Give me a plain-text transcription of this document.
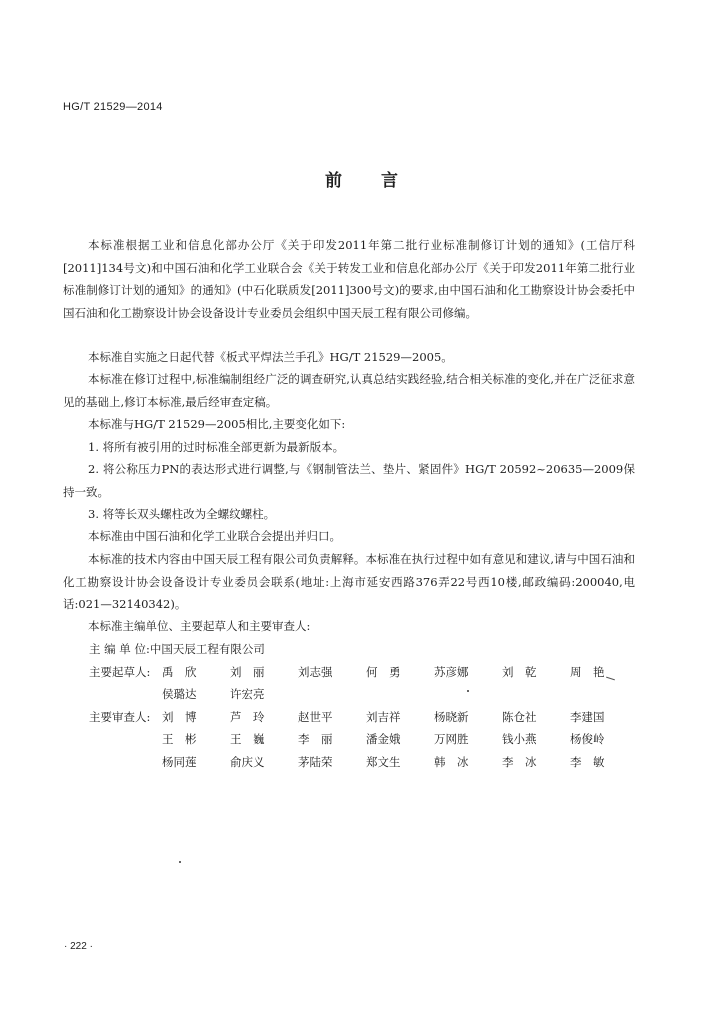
HG/T 21529—2014
前 言
本标准根据工业和信息化部办公厅《关于印发2011年第二批行业标准制修订计划的通知》(工信厅科[2011]134号文)和中国石油和化学工业联合会《关于转发工业和信息化部办公厅《关于印发2011年第二批行业标准制修订计划的通知》的通知》(中石化联质发[2011]300号文)的要求,由中国石油和化工勘察设计协会委托中国石油和化工勘察设计协会设备设计专业委员会组织中国天辰工程有限公司修编。
本标准自实施之日起代替《板式平焊法兰手孔》HG/T 21529—2005。
本标准在修订过程中,标准编制组经广泛的调查研究,认真总结实践经验,结合相关标准的变化,并在广泛征求意见的基础上,修订本标准,最后经审查定稿。
本标准与HG/T 21529—2005相比,主要变化如下:
1. 将所有被引用的过时标准全部更新为最新版本。
2. 将公称压力PN的表达形式进行调整,与《钢制管法兰、垫片、紧固件》HG/T 20592~20635—2009保持一致。
3. 将等长双头螺柱改为全螺纹螺柱。
本标准由中国石油和化学工业联合会提出并归口。
本标准的技术内容由中国天辰工程有限公司负责解释。本标准在执行过程中如有意见和建议,请与中国石油和化工勘察设计协会设备设计专业委员会联系(地址:上海市延安西路376弄22号西10楼,邮政编码:200040,电话:021—32140342)。
本标准主编单位、主要起草人和主要审查人:
主 编 单 位: 中国天辰工程有限公司
主要起草人:	禹　欣	刘　丽	刘志强	何　勇	苏彦娜	刘　乾	周　艳
侯璐达	许宏亮
主要审查人:	刘　博	芦　玲	赵世平	刘吉祥	杨晓新	陈仓社	李建国
王　彬	王　巍	李　丽	潘金娥	万网胜	钱小燕	杨俊岭
杨同莲	俞庆义	茅陆荣	郑文生	韩　冰	李　冰	李　敏
· 222 ·
